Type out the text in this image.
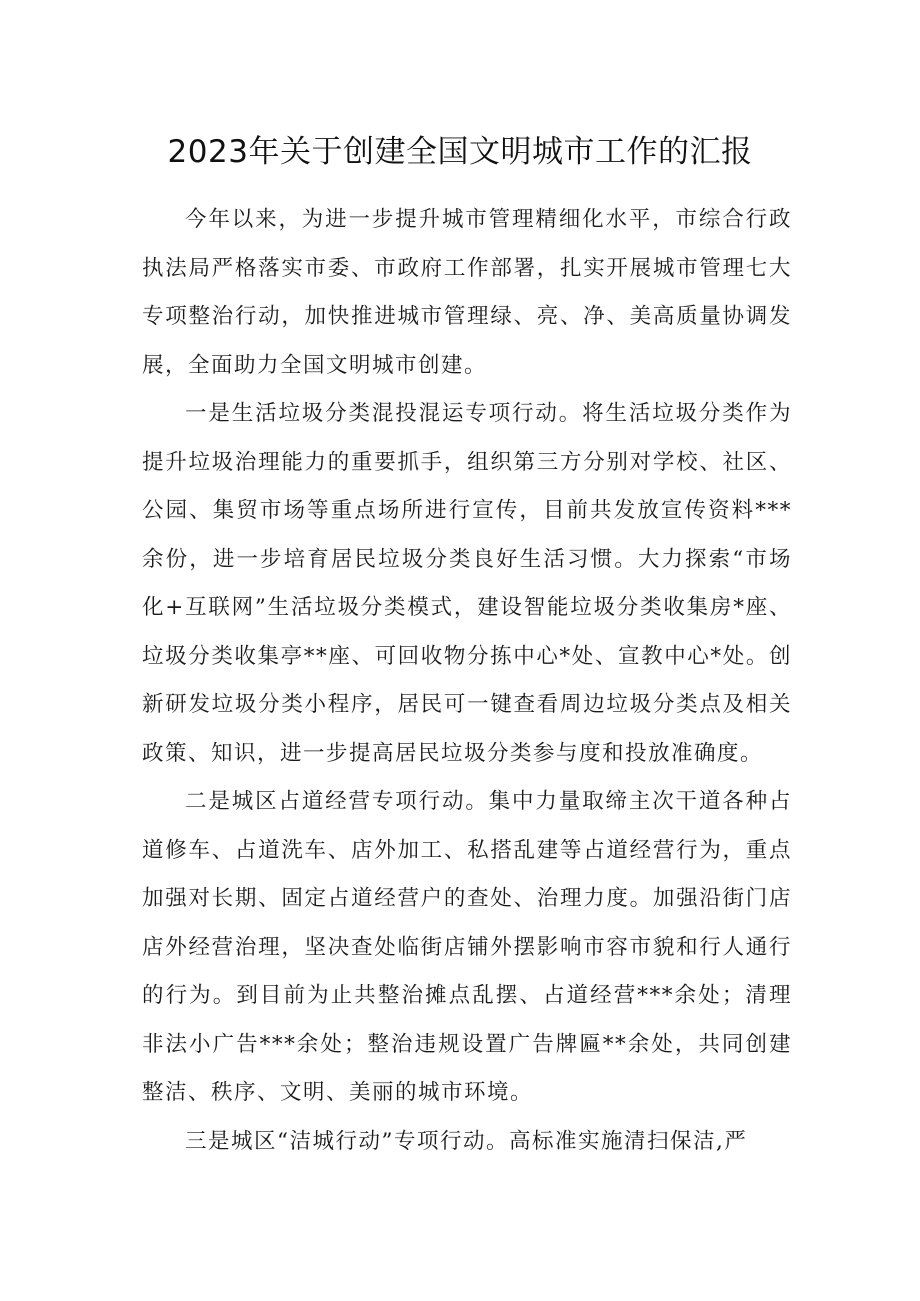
2023年关于创建全国文明城市工作的汇报

今年以来，为进一步提升城市管理精细化水平，市综合行政执法局严格落实市委、市政府工作部署，扎实开展城市管理七大专项整治行动，加快推进城市管理绿、亮、净、美高质量协调发展，全面助力全国文明城市创建。

一是生活垃圾分类混投混运专项行动。将生活垃圾分类作为提升垃圾治理能力的重要抓手，组织第三方分别对学校、社区、公园、集贸市场等重点场所进行宣传，目前共发放宣传资料***余份，进一步培育居民垃圾分类良好生活习惯。大力探索“市场化+互联网”生活垃圾分类模式，建设智能垃圾分类收集房*座、垃圾分类收集亭**座、可回收物分拣中心*处、宣教中心*处。创新研发垃圾分类小程序，居民可一键查看周边垃圾分类点及相关政策、知识，进一步提高居民垃圾分类参与度和投放准确度。

二是城区占道经营专项行动。集中力量取缔主次干道各种占道修车、占道洗车、店外加工、私搭乱建等占道经营行为，重点加强对长期、固定占道经营户的查处、治理力度。加强沿街门店店外经营治理，坚决查处临街店铺外摆影响市容市貌和行人通行的行为。到目前为止共整治摊点乱摆、占道经营***余处；清理非法小广告***余处；整治违规设置广告牌匾**余处，共同创建整洁、秩序、文明、美丽的城市环境。

三是城区“洁城行动”专项行动。高标准实施清扫保洁,严
